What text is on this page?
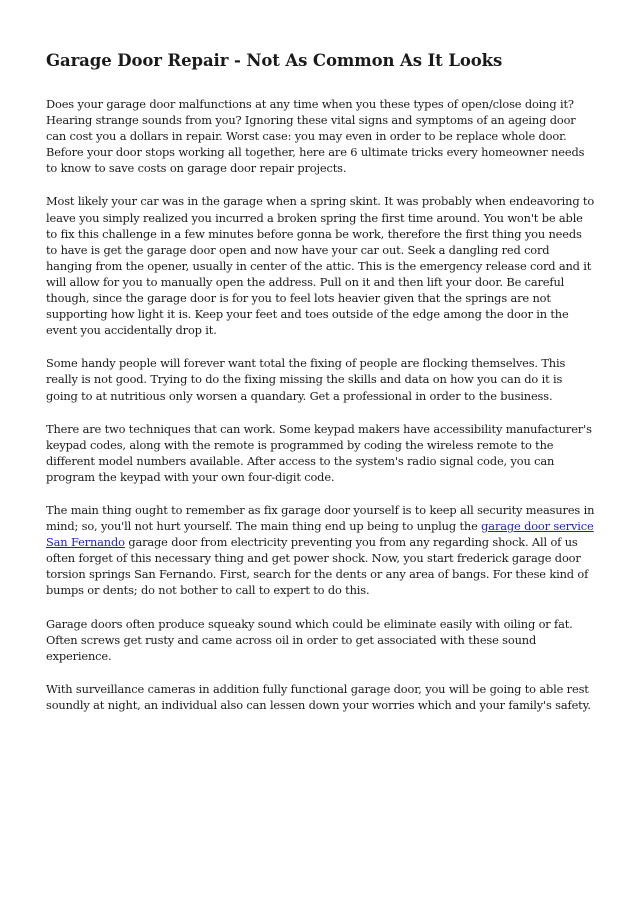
Garage Door Repair - Not As Common As It Looks

Does your garage door malfunctions at any time when you these types of open/close doing it? Hearing strange sounds from you? Ignoring these vital signs and symptoms of an ageing door can cost you a dollars in repair. Worst case: you may even in order to be replace whole door. Before your door stops working all together, here are 6 ultimate tricks every homeowner needs to know to save costs on garage door repair projects.

Most likely your car was in the garage when a spring skint. It was probably when endeavoring to leave you simply realized you incurred a broken spring the first time around. You won't be able to fix this challenge in a few minutes before gonna be work, therefore the first thing you needs to have is get the garage door open and now have your car out. Seek a dangling red cord hanging from the opener, usually in center of the attic. This is the emergency release cord and it will allow for you to manually open the address. Pull on it and then lift your door. Be careful though, since the garage door is for you to feel lots heavier given that the springs are not supporting how light it is. Keep your feet and toes outside of the edge among the door in the event you accidentally drop it.

Some handy people will forever want total the fixing of people are flocking themselves. This really is not good. Trying to do the fixing missing the skills and data on how you can do it is going to at nutritious only worsen a quandary. Get a professional in order to the business.

There are two techniques that can work. Some keypad makers have accessibility manufacturer's keypad codes, along with the remote is programmed by coding the wireless remote to the different model numbers available. After access to the system's radio signal code, you can program the keypad with your own four-digit code.

The main thing ought to remember as fix garage door yourself is to keep all security measures in mind; so, you'll not hurt yourself. The main thing end up being to unplug the garage door service San Fernando garage door from electricity preventing you from any regarding shock. All of us often forget of this necessary thing and get power shock. Now, you start frederick garage door torsion springs San Fernando. First, search for the dents or any area of bangs. For these kind of bumps or dents; do not bother to call to expert to do this.

Garage doors often produce squeaky sound which could be eliminate easily with oiling or fat. Often screws get rusty and came across oil in order to get associated with these sound experience.

With surveillance cameras in addition fully functional garage door, you will be going to able rest soundly at night, an individual also can lessen down your worries which and your family's safety.
